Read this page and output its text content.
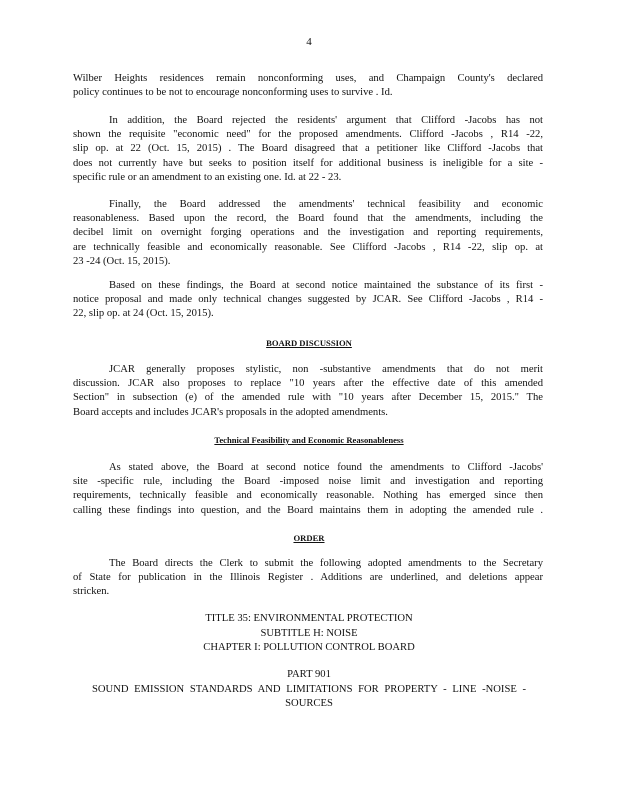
4
Wilber Heights residences remain nonconforming uses, and Champaign County's declared
policy continues to be not to encourage nonconforming uses to survive . Id.
In addition, the Board rejected the residents' argument that Clifford -Jacobs has not
shown the requisite "economic need" for the proposed amendments. Clifford -Jacobs , R14 -22,
slip op. at 22 (Oct. 15, 2015) . The Board disagreed that a petitioner like Clifford -Jacobs that
does not currently have but seeks to position itself for additional business is ineligible for a site -
specific rule or an amendment to an existing one. Id. at 22 - 23.
Finally, the Board addressed the amendments' technical feasibility and economic
reasonableness. Based upon the record, the Board found that the amendments, including the
decibel limit on overnight forging operations and the investigation and reporting requirements,
are technically feasible and economically reasonable. See Clifford -Jacobs , R14 -22, slip op. at
23 -24 (Oct. 15, 2015).
Based on these findings, the Board at second notice maintained the substance of its first -
notice proposal and made only technical changes suggested by JCAR. See Clifford -Jacobs , R14 -
22, slip op. at 24 (Oct. 15, 2015).
BOARD DISCUSSION
JCAR generally proposes stylistic, non -substantive amendments that do not merit
discussion. JCAR also proposes to replace "10 years after the effective date of this amended
Section" in subsection (e) of the amended rule with "10 years after December 15, 2015." The
Board accepts and includes JCAR's proposals in the adopted amendments.
Technical Feasibility and Economic Reasonableness
As stated above, the Board at second notice found the amendments to Clifford -Jacobs'
site -specific rule, including the Board -imposed noise limit and investigation and reporting
requirements, technically feasible and economically reasonable. Nothing has emerged since then
calling these findings into question, and the Board maintains them in adopting the amended rule .
ORDER
The Board directs the Clerk to submit the following adopted amendments to the Secretary
of State for publication in the Illinois Register . Additions are underlined, and deletions appear
stricken.
TITLE 35: ENVIRONMENTAL PROTECTION
SUBTITLE H: NOISE
CHAPTER I: POLLUTION CONTROL BOARD
PART 901
SOUND EMISSION STANDARDS AND LIMITATIONS FOR PROPERTY - LINE -NOISE -
SOURCES
